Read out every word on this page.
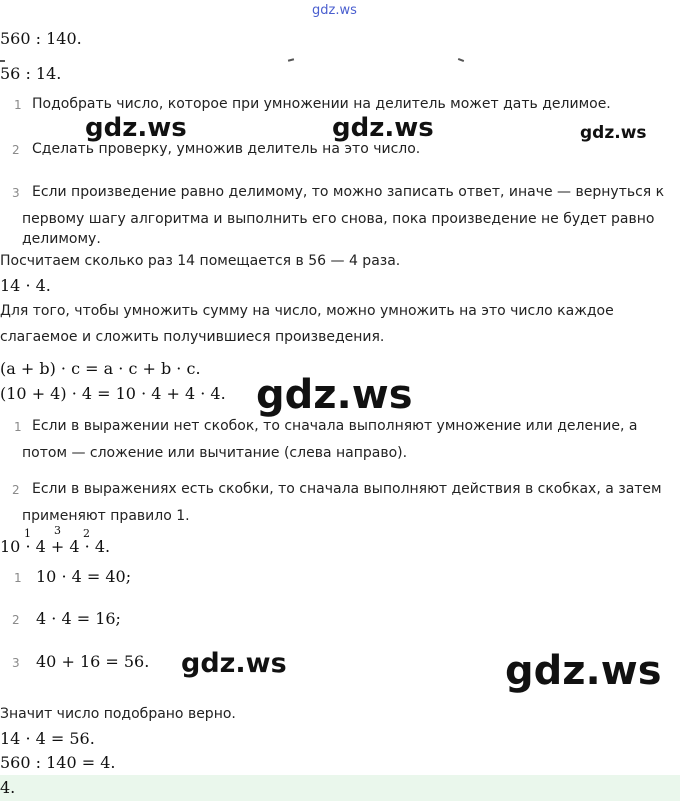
gdz.ws
gdz.ws	gdz.ws	gdz.ws
gdz.ws
gdz.ws	gdz.ws
560 : 140.
56 : 14.
1 Подобрать число, которое при умножении на делитель может дать делимое.
2 Сделать проверку, умножив делитель на это число.
3 Если произведение равно делимому, то можно записать ответ, иначе — вернуться к
первому шагу алгоритма и выполнить его снова, пока произведение не будет равно
делимому.
Посчитаем сколько раз 14 помещается в 56 — 4 раза.
14 · 4.
Для того, чтобы умножить сумму на число, можно умножить на это число каждое
слагаемое и сложить получившиеся произведения.
(a + b) · c = a · c + b · c.
(10 + 4) · 4 = 10 · 4 + 4 · 4.
1 Если в выражении нет скобок, то сначала выполняют умножение или деление, а
потом — сложение или вычитание (слева направо).
2 Если в выражениях есть скобки, то сначала выполняют действия в скобках, а затем
применяют правило 1.
1 3 2
10 · 4 + 4 · 4.
1 10 · 4 = 40;
2 4 · 4 = 16;
3 40 + 16 = 56.
Значит число подобрано верно.
14 · 4 = 56.
560 : 140 = 4.
4.
